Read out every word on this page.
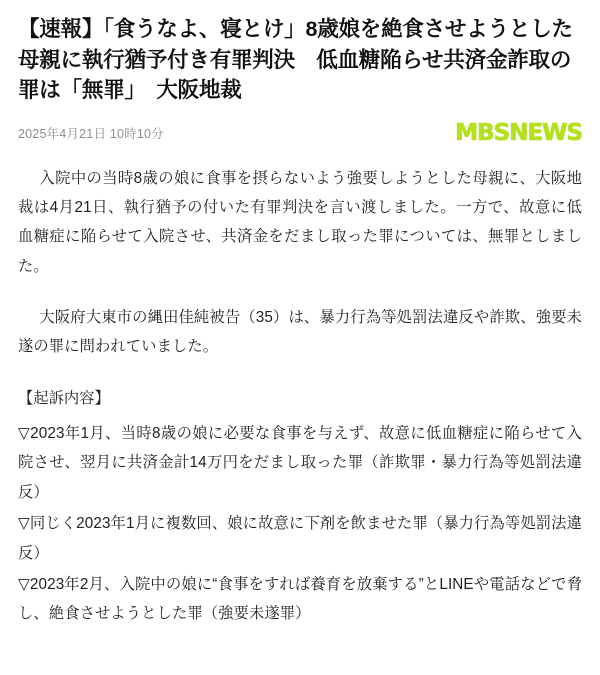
【速報】「食うなよ、寝とけ」8歳娘を絶食させようとした母親に執行猶予付き有罪判決　低血糖陥らせ共済金詐取の罪は「無罪」　大阪地裁
2025年4月21日 10時10分	MBS NEWS

入院中の当時8歳の娘に食事を摂らないよう強要しようとした母親に、大阪地裁は4月21日、執行猶予の付いた有罪判決を言い渡しました。一方で、故意に低血糖症に陥らせて入院させ、共済金をだまし取った罪については、無罪としました。

大阪府大東市の縄田佳純被告（35）は、暴力行為等処罰法違反や詐欺、強要未遂の罪に問われていました。

【起訴内容】

▽2023年1月、当時8歳の娘に必要な食事を与えず、故意に低血糖症に陥らせて入院させ、翌月に共済金計14万円をだまし取った罪（詐欺罪・暴力行為等処罰法違反）

▽同じく2023年1月に複数回、娘に故意に下剤を飲ませた罪（暴力行為等処罰法違反）

▽2023年2月、入院中の娘に“食事をすれば養育を放棄する”とLINEや電話などで脅し、絶食させようとした罪（強要未遂罪）
